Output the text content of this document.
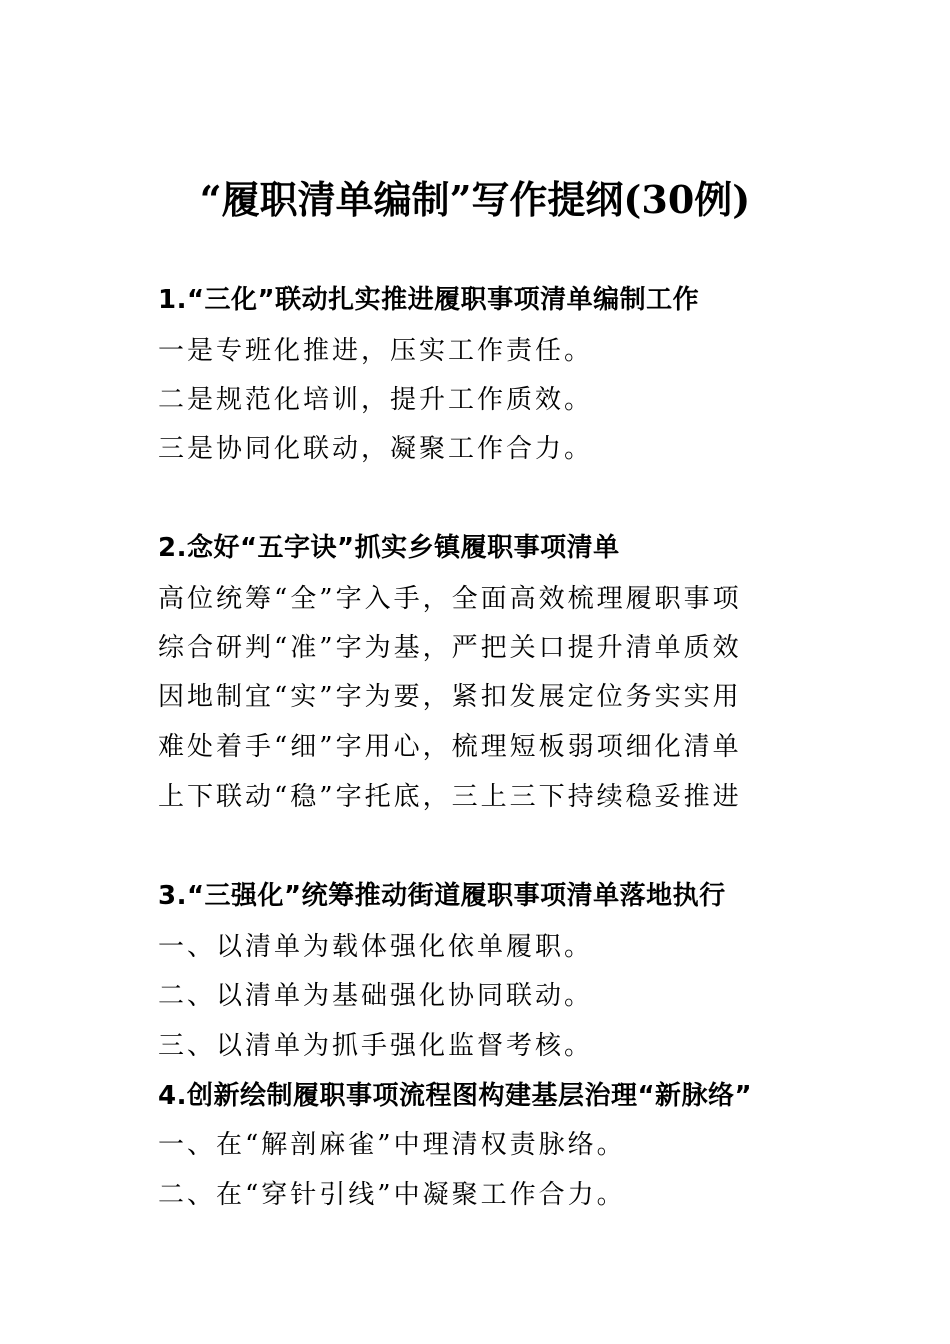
“履职清单编制”写作提纲(30例)
1.“三化”联动扎实推进履职事项清单编制工作
一是专班化推进，压实工作责任。
二是规范化培训，提升工作质效。
三是协同化联动，凝聚工作合力。
2.念好“五字诀”抓实乡镇履职事项清单
高位统筹“全”字入手，全面高效梳理履职事项
综合研判“准”字为基，严把关口提升清单质效
因地制宜“实”字为要，紧扣发展定位务实实用
难处着手“细”字用心，梳理短板弱项细化清单
上下联动“稳”字托底，三上三下持续稳妥推进
3.“三强化”统筹推动街道履职事项清单落地执行
一、以清单为载体强化依单履职。
二、以清单为基础强化协同联动。
三、以清单为抓手强化监督考核。
4.创新绘制履职事项流程图构建基层治理“新脉络”
一、在“解剖麻雀”中理清权责脉络。
二、在“穿针引线”中凝聚工作合力。
